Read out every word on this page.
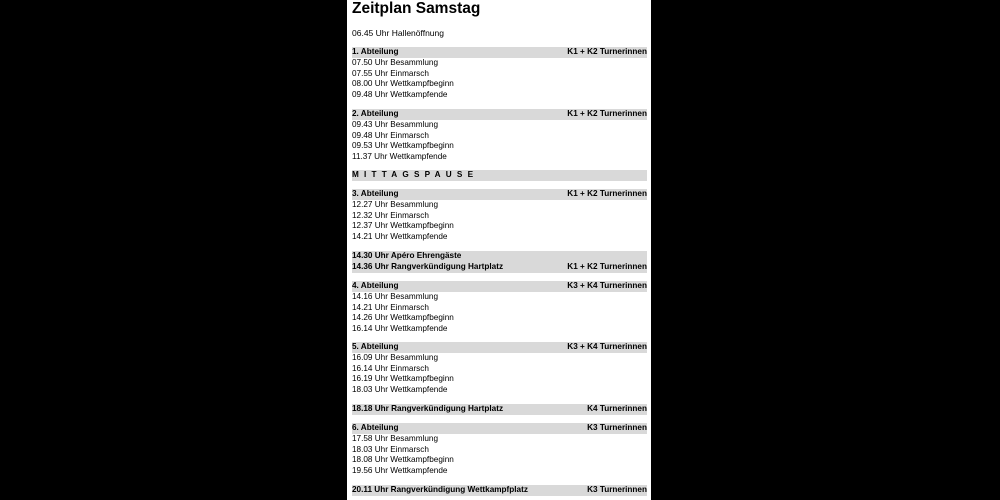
Zeitplan Samstag
06.45 Uhr Hallenöffnung
1. Abteilung	K1 + K2 Turnerinnen
07.50 Uhr Besammlung
07.55 Uhr Einmarsch
08.00 Uhr Wettkampfbeginn
09.48 Uhr Wettkampfende
2. Abteilung	K1 + K2 Turnerinnen
09.43 Uhr Besammlung
09.48 Uhr Einmarsch
09.53 Uhr Wettkampfbeginn
11.37 Uhr Wettkampfende
MITTAGSPAUSE
3. Abteilung	K1 + K2 Turnerinnen
12.27 Uhr Besammlung
12.32 Uhr Einmarsch
12.37 Uhr Wettkampfbeginn
14.21 Uhr Wettkampfende
14.30 Uhr Apéro Ehrengäste
14.36 Uhr Rangverkündigung Hartplatz	K1 + K2 Turnerinnen
4. Abteilung	K3 + K4 Turnerinnen
14.16 Uhr Besammlung
14.21 Uhr Einmarsch
14.26 Uhr Wettkampfbeginn
16.14 Uhr Wettkampfende
5. Abteilung	K3 + K4 Turnerinnen
16.09 Uhr Besammlung
16.14 Uhr Einmarsch
16.19 Uhr Wettkampfbeginn
18.03 Uhr Wettkampfende
18.18 Uhr Rangverkündigung Hartplatz	K4 Turnerinnen
6. Abteilung	K3 Turnerinnen
17.58 Uhr Besammlung
18.03 Uhr Einmarsch
18.08 Uhr Wettkampfbeginn
19.56 Uhr Wettkampfende
20.11 Uhr Rangverkündigung Wettkampfplatz	K3 Turnerinnen
